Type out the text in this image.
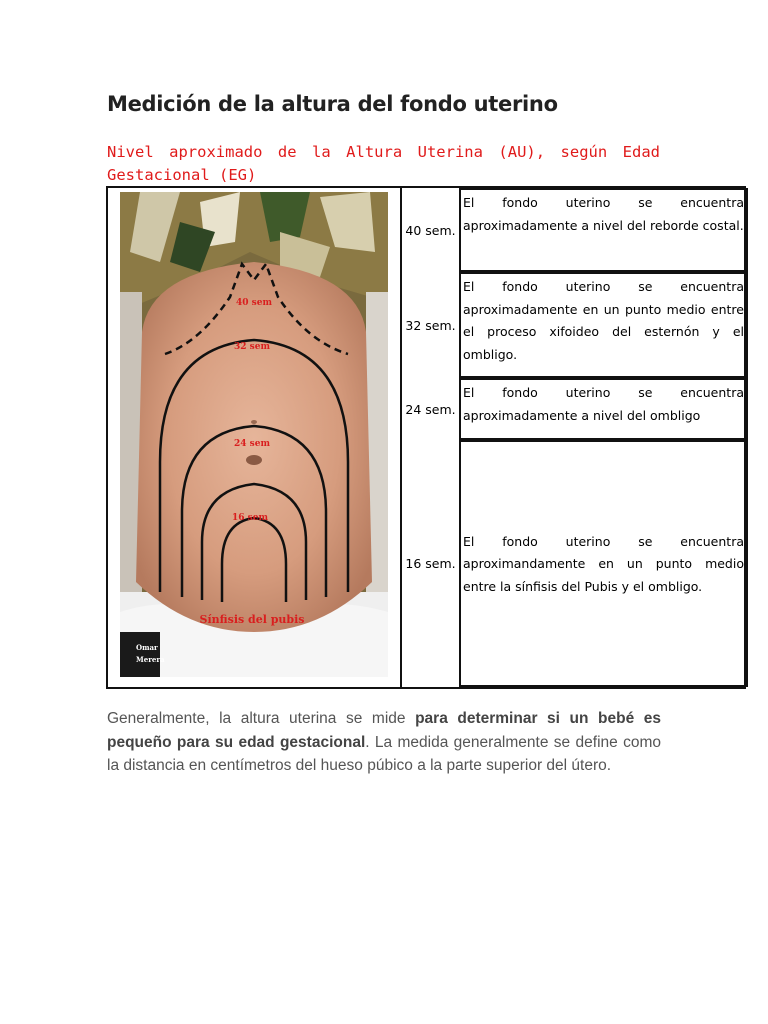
Medición de la altura del fondo uterino

Nivel aproximado de la Altura Uterina (AU), según Edad Gestacional (EG)

40 sem
32 sem
24 sem
16 sem
Sínfisis del pubis
Omar
Merera
40 sem.
El fondo uterino se encuentra aproximadamente a nivel del reborde costal.
32 sem.
El fondo uterino se encuentra aproximadamente en un punto medio entre el proceso xifoideo del esternón y el ombligo.
24 sem.
El fondo uterino se encuentra aproximadamente a nivel del ombligo
16 sem.
El fondo uterino se encuentra aproximandamente en un punto medio entre la sínfisis del Pubis y el ombligo.

Generalmente, la altura uterina se mide para determinar si un bebé es pequeño para su edad gestacional. La medida generalmente se define como la distancia en centímetros del hueso púbico a la parte superior del útero.
